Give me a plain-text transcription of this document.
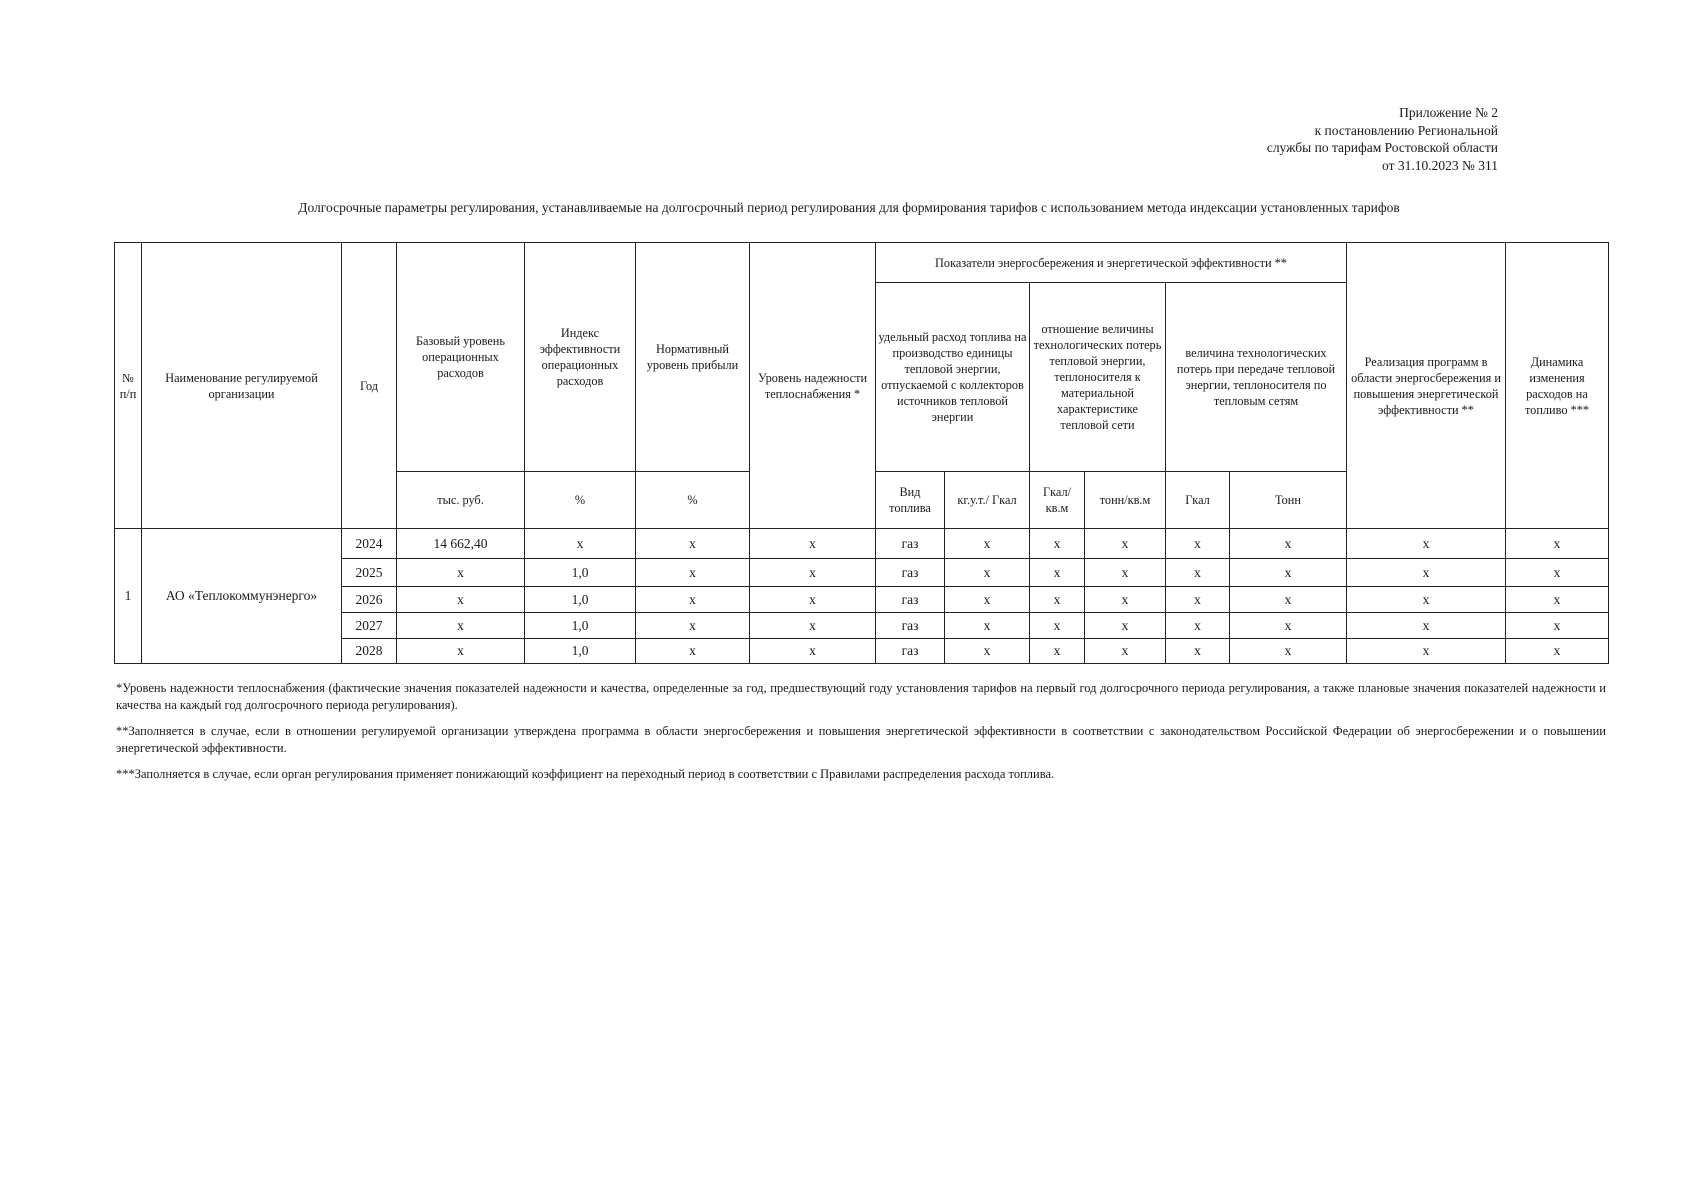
Приложение № 2
к постановлению Региональной
службы по тарифам Ростовской области
от 31.10.2023 № 311
Долгосрочные параметры регулирования, устанавливаемые на долгосрочный период регулирования для формирования тарифов с использованием метода индексации установленных тарифов
№ п/п	Наименование регулируемой организации	Год	Базовый уровень операционных расходов	Индекс эффективности операционных расходов	Нормативный уровень прибыли	Уровень надежности теплоснабжения *	Показатели энергосбережения и энергетической эффективности **						Реализация программ в области энергосбережения и повышения энергетической эффективности **	Динамика изменения расходов на топливо ***
							удельный расход топлива на производство единицы тепловой энергии, отпускаемой с коллекторов источников тепловой энергии		отношение величины технологических потерь тепловой энергии, теплоносителя к материальной характеристике тепловой сети		величина технологических потерь при передаче тепловой энергии, теплоносителя по тепловым сетям			
			тыс. руб.	%	%		Вид топлива	кг.у.т./ Гкал	Гкал/ кв.м	тонн/кв.м	Гкал	Тонн		
1	АО «Теплокоммунэнерго»	2024	14 662,40	x	x	x	газ	x	x	x	x	x	x	x
		2025	x	1,0	x	x	газ	x	x	x	x	x	x	x
		2026	x	1,0	x	x	газ	x	x	x	x	x	x	x
		2027	x	1,0	x	x	газ	x	x	x	x	x	x	x
		2028	x	1,0	x	x	газ	x	x	x	x	x	x	x

*Уровень надежности теплоснабжения (фактические значения показателей надежности и качества, определенные за год, предшествующий году установления тарифов на первый год долгосрочного периода регулирования, а также плановые значения показателей надежности и качества на каждый год долгосрочного периода регулирования).

**Заполняется в случае, если в отношении регулируемой организации утверждена программа в области энергосбережения и повышения энергетической эффективности в соответствии с законодательством Российской Федерации об энергосбережении и о повышении энергетической эффективности.

***Заполняется в случае, если орган регулирования применяет понижающий коэффициент на переходный период в соответствии с Правилами распределения расхода топлива.
